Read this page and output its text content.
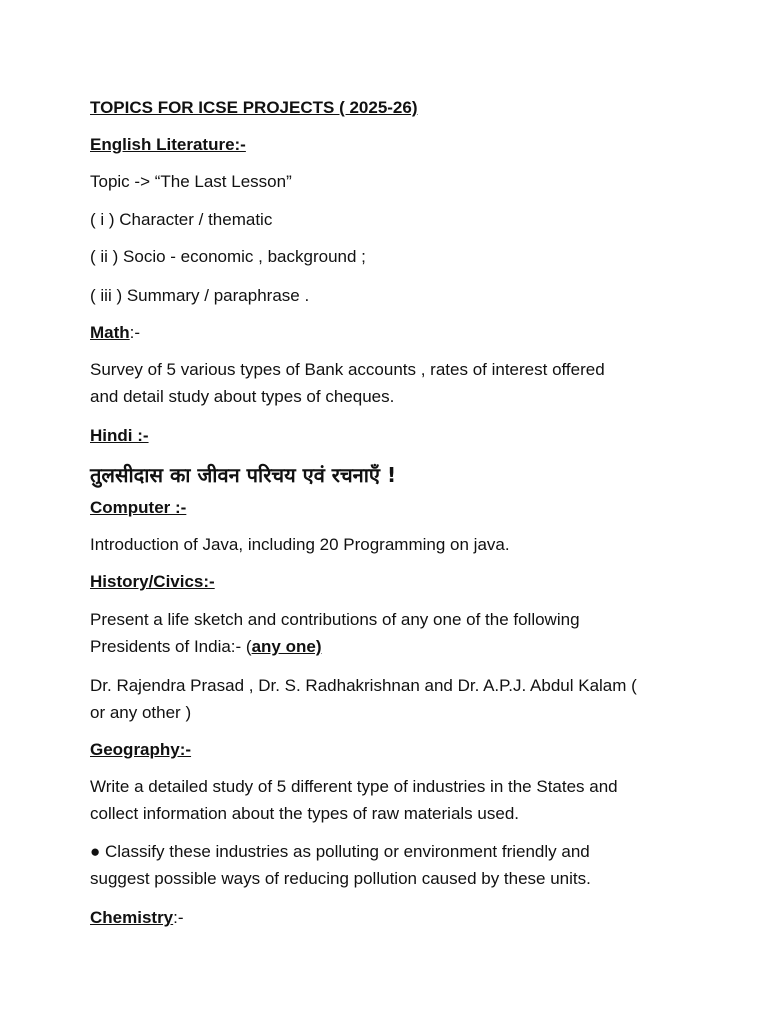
TOPICS FOR ICSE PROJECTS ( 2025-26)
English Literature:-
Topic -> “The Last Lesson”
( i ) Character / thematic
( ii ) Socio - economic , background ;
( iii ) Summary / paraphrase .
Math:-
Survey of 5 various types of Bank accounts , rates of interest offered
and detail study about types of cheques.
Hindi :-
तुलसीदास का जीवन परिचय एवं रचनाएँ !
Computer :-
Introduction of Java, including 20 Programming on java.
History/Civics:-
Present a life sketch and contributions of any one of the following
Presidents of India:- (any one)
Dr. Rajendra Prasad , Dr. S. Radhakrishnan and Dr. A.P.J. Abdul Kalam (
or any other )
Geography:-
Write a detailed study of 5 different type of industries in the States and
collect information about the types of raw materials used.
● Classify these industries as polluting or environment friendly and
suggest possible ways of reducing pollution caused by these units.
Chemistry:-
